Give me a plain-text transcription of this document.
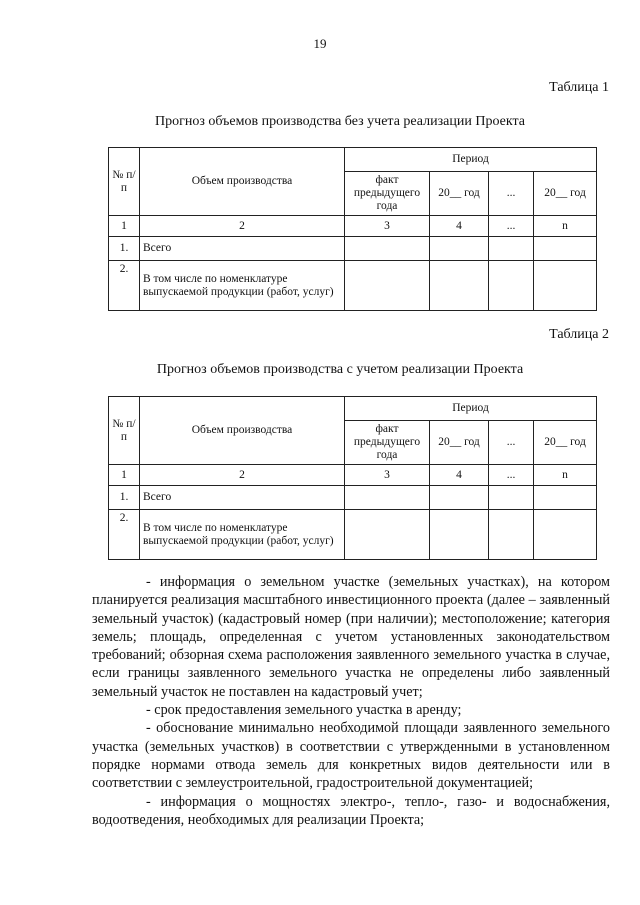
19
Таблица 1
Прогноз объемов производства без учета реализации Проекта
№ п/п	Объем производства	Период			
		факт предыдущего года	20__ год	...	20__ год
1	2	3	4	...	n
1.	Всего				
2.	В том числе по номенклатуре выпускаемой продукции (работ, услуг)				
Таблица 2
Прогноз объемов производства с учетом реализации Проекта
№ п/п	Объем производства	Период			
		факт предыдущего года	20__ год	...	20__ год
1	2	3	4	...	n
1.	Всего				
2.	В том числе по номенклатуре выпускаемой продукции (работ, услуг)				

- информация о земельном участке (земельных участках), на котором планируется реализация масштабного инвестиционного проекта (далее – заявленный земельный участок) (кадастровый номер (при наличии); местоположение; категория земель; площадь, определенная с учетом установленных законодательством требований; обзорная схема расположения заявленного земельного участка в случае, если границы заявленного земельного участка не определены либо заявленный земельный участок не поставлен на кадастровый учет;

- срок предоставления земельного участка в аренду;

- обоснование минимально необходимой площади заявленного земельного участка (земельных участков) в соответствии с утвержденными в установленном порядке нормами отвода земель для конкретных видов деятельности или в соответствии с землеустроительной, градостроительной документацией;

- информация о мощностях электро-, тепло-, газо- и водоснабжения, водоотведения, необходимых для реализации Проекта;
